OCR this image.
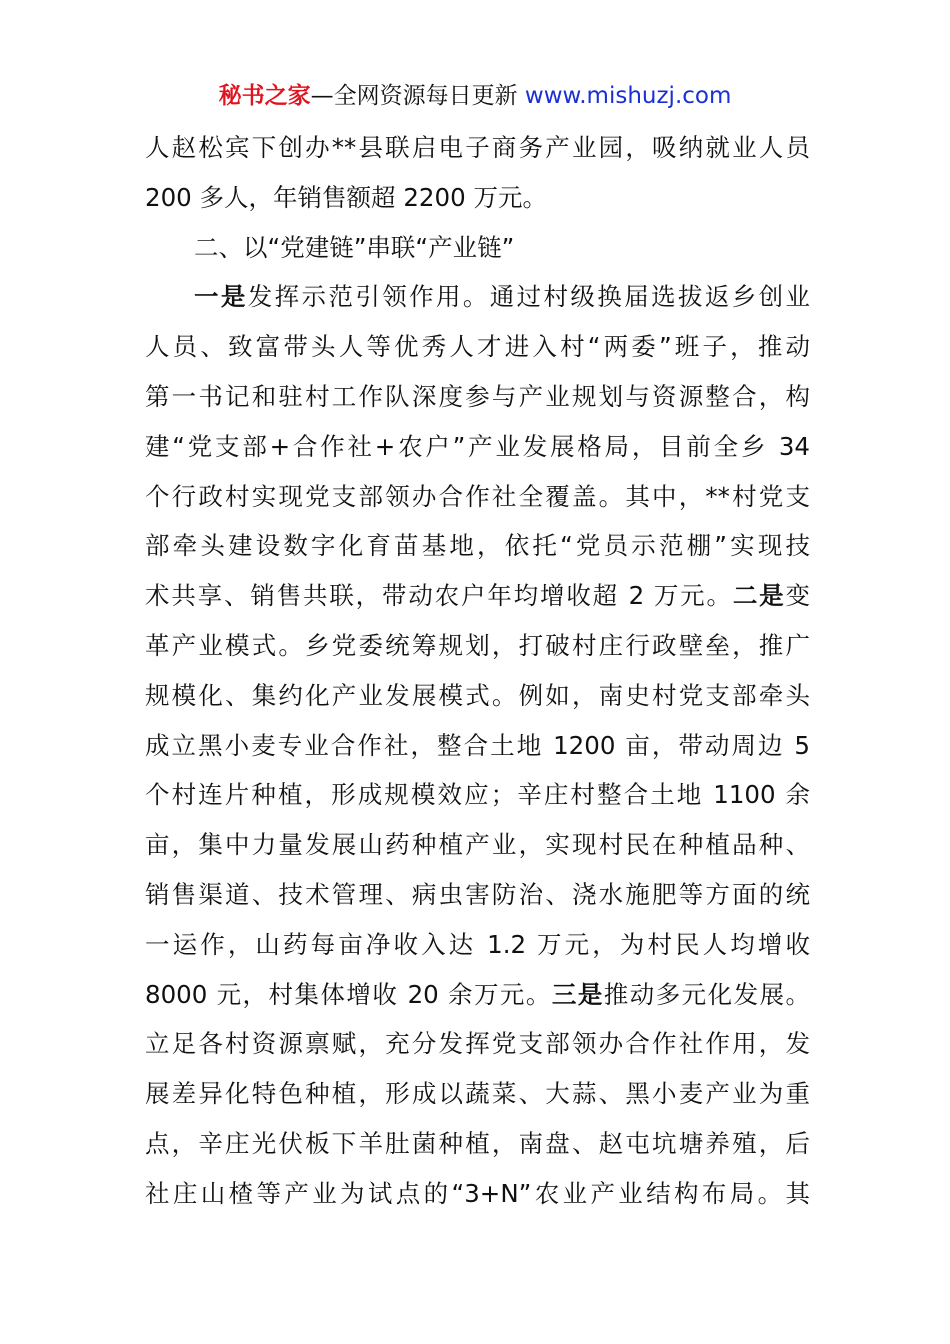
秘书之家—全网资源每日更新 www.mishuzj.com
人赵松宾下创办**县联启电子商务产业园，吸纳就业人员
200 多人，年销售额超 2200 万元。
二、以“党建链”串联“产业链”
一是发挥示范引领作用。通过村级换届选拔返乡创业
人员、致富带头人等优秀人才进入村“两委”班子，推动
第一书记和驻村工作队深度参与产业规划与资源整合，构
建“党支部+合作社+农户”产业发展格局，目前全乡 34
个行政村实现党支部领办合作社全覆盖。其中，**村党支
部牵头建设数字化育苗基地，依托“党员示范棚”实现技
术共享、销售共联，带动农户年均增收超 2 万元。二是变
革产业模式。乡党委统筹规划，打破村庄行政壁垒，推广
规模化、集约化产业发展模式。例如，南史村党支部牵头
成立黑小麦专业合作社，整合土地 1200 亩，带动周边 5
个村连片种植，形成规模效应；辛庄村整合土地 1100 余
亩，集中力量发展山药种植产业，实现村民在种植品种、
销售渠道、技术管理、病虫害防治、浇水施肥等方面的统
一运作，山药每亩净收入达 1.2 万元，为村民人均增收
8000 元，村集体增收 20 余万元。三是推动多元化发展。
立足各村资源禀赋，充分发挥党支部领办合作社作用，发
展差异化特色种植，形成以蔬菜、大蒜、黑小麦产业为重
点，辛庄光伏板下羊肚菌种植，南盘、赵屯坑塘养殖，后
社庄山楂等产业为试点的“3+N”农业产业结构布局。其
